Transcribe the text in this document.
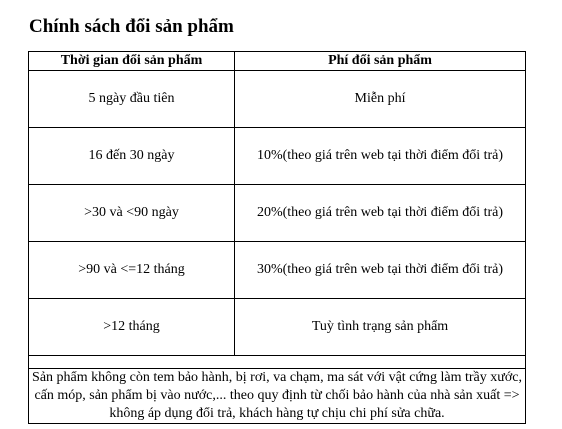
Chính sách đổi sản phẩm
Thời gian đổi sản phẩm	Phí đổi sản phẩm
5 ngày đầu tiên	Miễn phí
16 đến 30 ngày	10%(theo giá trên web tại thời điểm đổi trả)
>30 và <90 ngày	20%(theo giá trên web tại thời điểm đổi trả)
>90 và <=12 tháng	30%(theo giá trên web tại thời điểm đổi trả)
>12 tháng	Tuỳ tình trạng sản phẩm

Sản phẩm không còn tem bảo hành, bị rơi, va chạm, ma sát với vật cứng làm trầy xước, cấn móp, sản phẩm bị vào nước,... theo quy định từ chối bảo hành của nhà sản xuất => không áp dụng đổi trả, khách hàng tự chịu chi phí sửa chữa.	
